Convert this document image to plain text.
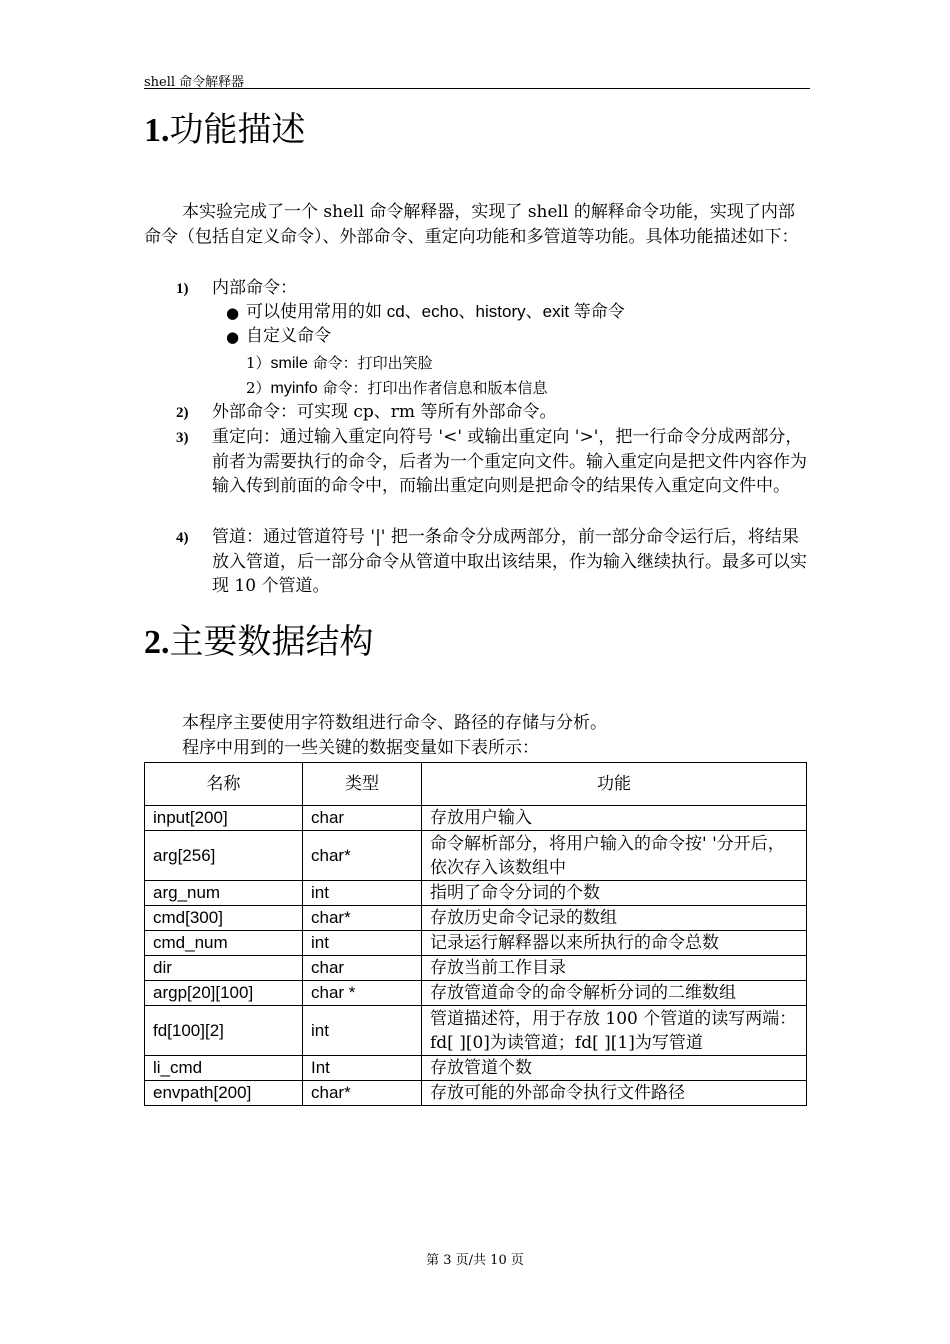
shell 命令解释器
1.功能描述
本实验完成了一个 shell 命令解释器，实现了 shell 的解释命令功能，实现了内部命令（包括自定义命令）、外部命令、重定向功能和多管道等功能。具体功能描述如下：
1) 内部命令：
● 可以使用常用的如 cd、echo、history、exit 等命令
● 自定义命令
1）smile 命令：打印出笑脸
2）myinfo 命令：打印出作者信息和版本信息
2) 外部命令：可实现 cp、rm 等所有外部命令。
3) 重定向：通过输入重定向符号 '<' 或输出重定向 '>'，把一行命令分成两部分，前者为需要执行的命令，后者为一个重定向文件。输入重定向是把文件内容作为输入传到前面的命令中，而输出重定向则是把命令的结果传入重定向文件中。
4) 管道：通过管道符号 '|' 把一条命令分成两部分，前一部分命令运行后，将结果放入管道，后一部分命令从管道中取出该结果，作为输入继续执行。最多可以实现 10 个管道。
2.主要数据结构
本程序主要使用字符数组进行命令、路径的存储与分析。
程序中用到的一些关键的数据变量如下表所示：
名称	类型	功能
input[200]	char	存放用户输入
arg[256]	char*	命令解析部分，将用户输入的命令按' '分开后，依次存入该数组中
arg_num	int	指明了命令分词的个数
cmd[300]	char*	存放历史命令记录的数组
cmd_num	int	记录运行解释器以来所执行的命令总数
dir	char	存放当前工作目录
argp[20][100]	char *	存放管道命令的命令解析分词的二维数组
fd[100][2]	int	管道描述符，用于存放 100 个管道的读写两端：fd[ ][0]为读管道；fd[ ][1]为写管道
li_cmd	Int	存放管道个数
envpath[200]	char*	存放可能的外部命令执行文件路径
第 3 页/共 10 页
